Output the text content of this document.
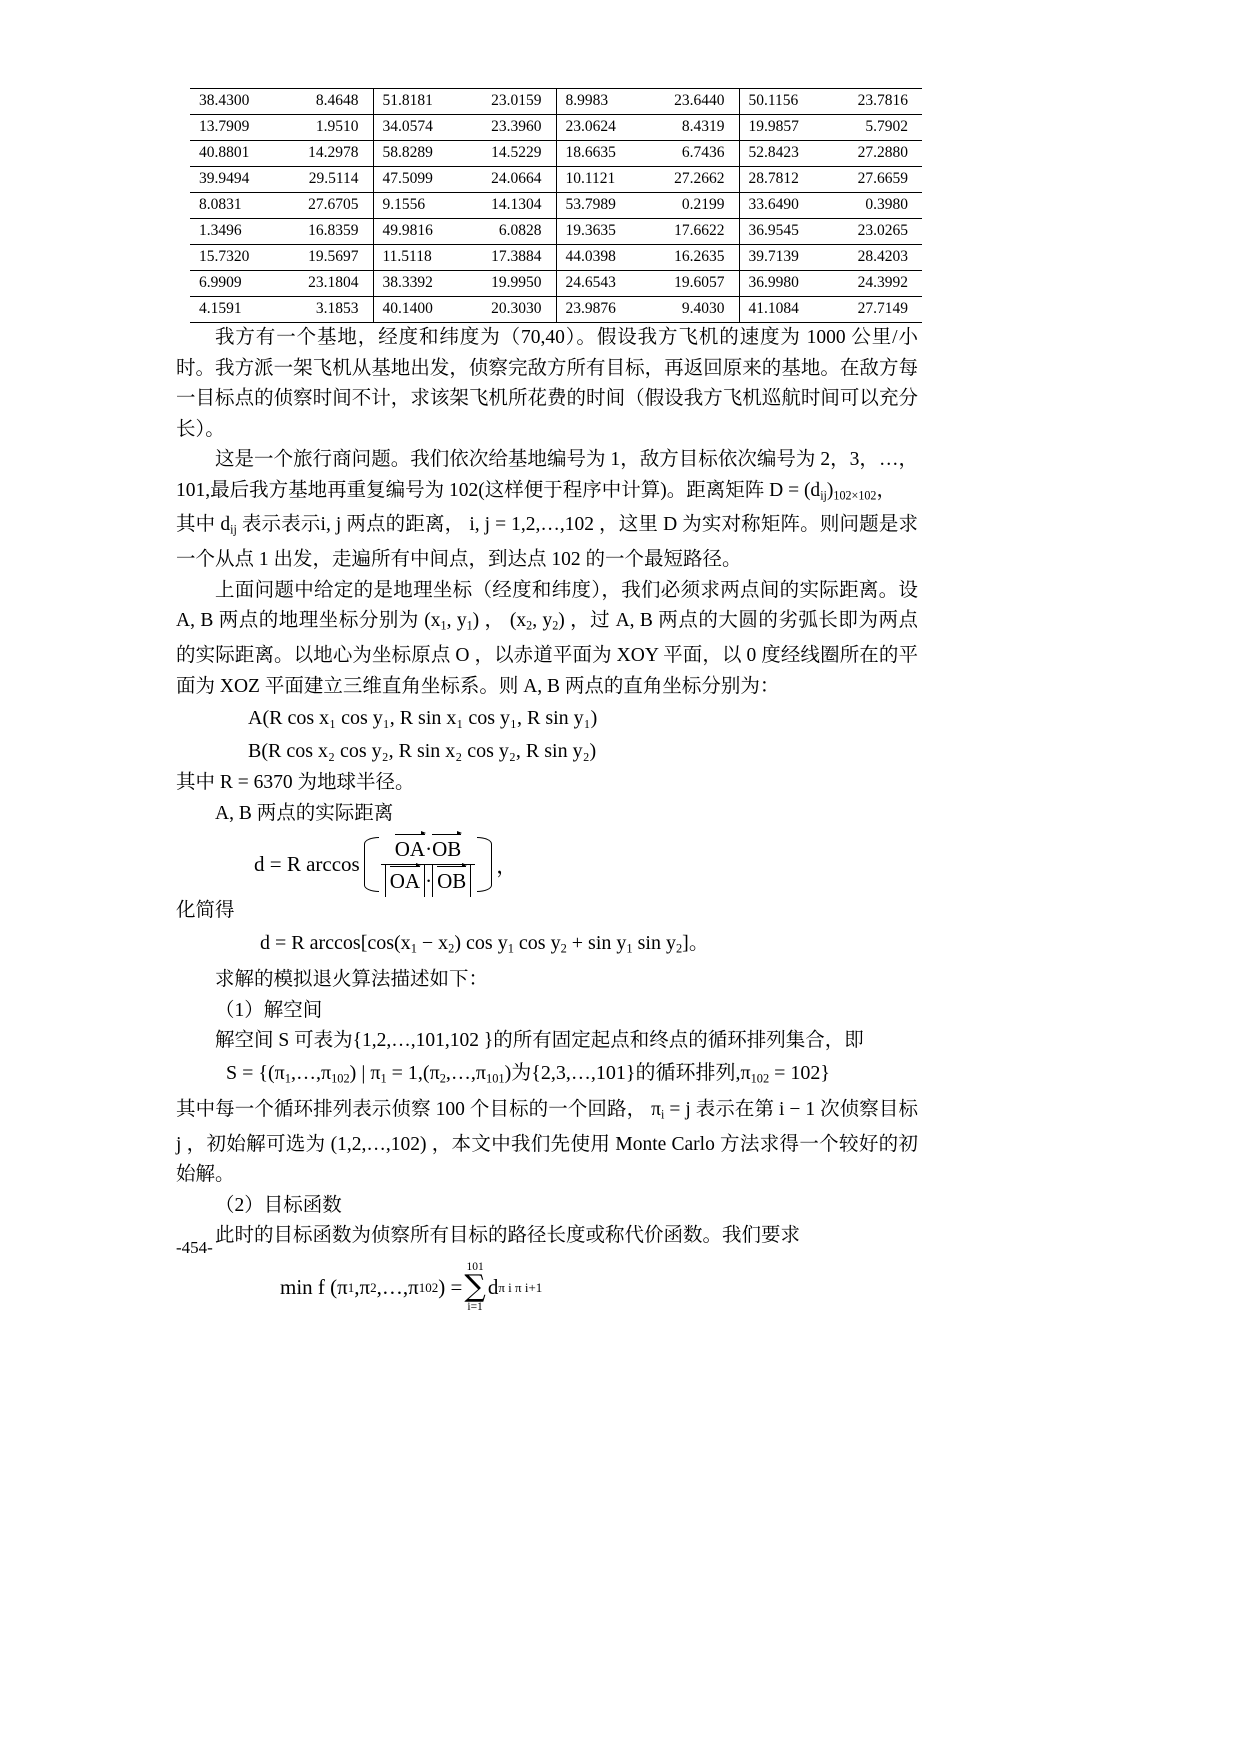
38.4300	8.4648	51.8181	23.0159	8.9983	23.6440	50.1156	23.7816
13.7909	1.9510	34.0574	23.3960	23.0624	8.4319	19.9857	5.7902
40.8801	14.2978	58.8289	14.5229	18.6635	6.7436	52.8423	27.2880
39.9494	29.5114	47.5099	24.0664	10.1121	27.2662	28.7812	27.6659
8.0831	27.6705	9.1556	14.1304	53.7989	0.2199	33.6490	0.3980
1.3496	16.8359	49.9816	6.0828	19.3635	17.6622	36.9545	23.0265
15.7320	19.5697	11.5118	17.3884	44.0398	16.2635	39.7139	28.4203
6.9909	23.1804	38.3392	19.9950	24.6543	19.6057	36.9980	24.3992
4.1591	3.1853	40.1400	20.3030	23.9876	9.4030	41.1084	27.7149

我方有一个基地，经度和纬度为（70,40）。假设我方飞机的速度为 1000 公里/小时。我方派一架飞机从基地出发，侦察完敌方所有目标，再返回原来的基地。在敌方每一目标点的侦察时间不计，求该架飞机所花费的时间（假设我方飞机巡航时间可以充分长）。

这是一个旅行商问题。我们依次给基地编号为 1，敌方目标依次编号为 2，3，…，101,最后我方基地再重复编号为 102(这样便于程序中计算)。距离矩阵 $D = (d_{ij})_{102\times 102}$，

其中 $d_{ij}$ 表示表示i, j 两点的距离， i, j = 1,2,…,102 ，这里 D 为实对称矩阵。则问题是求一个从点 1 出发，走遍所有中间点，到达点 102 的一个最短路径。

上面问题中给定的是地理坐标（经度和纬度），我们必须求两点间的实际距离。设 A, B 两点的地理坐标分别为 ($x_1$, $y_1$) ， ($x_2$, $y_2$) ，过 A, B 两点的大圆的劣弧长即为两点的实际距离。以地心为坐标原点 O ，以赤道平面为 XOY 平面，以 0 度经线圈所在的平面为 XOZ 平面建立三维直角坐标系。则 A, B 两点的直角坐标分别为：

A(R cos x₁ cos y₁, R sin x₁ cos y₁, R sin y₁)
B(R cos x₂ cos y₂, R sin x₂ cos y₂, R sin y₂)

其中 R = 6370 为地球半径。

A, B 两点的实际距离

d = R $\arccos \frac{OA\cdot OB}{OA \cdot OB}$ ，

化简得

d = R $\arccos[\cos(x_1 - x_2)$ $\cos y_1$ $\cos y_2 + \sin y_1$ $\sin y_2$]。

求解的模拟退火算法描述如下：

（1）解空间

解空间 S 可表为{1,2,…,101,102 }的所有固定起点和终点的循环排列集合，即

$S = \{(\pi_1,\dots,\pi_{102})$ | $\pi_1$ = $1,(\pi_2,\dots,\pi_{101})$为{2,3,…,101}的循环排列$,\pi_{102} = 102$}

其中每一个循环排列表示侦察 100 个目标的一个回路， $\pi_i = j$ 表示在第 i − 1 次侦察目标 j ，初始解可选为 (1,2,…,102) ，本文中我们先使用 Monte Carlo 方法求得一个较好的初始解。

（2）目标函数

此时的目标函数为侦察所有目标的路径长度或称代价函数。我们要求

min f (π 1 ,π 2 ,…,π 102 ) =
101
∑
i=1
d π i π i+1
-454-
